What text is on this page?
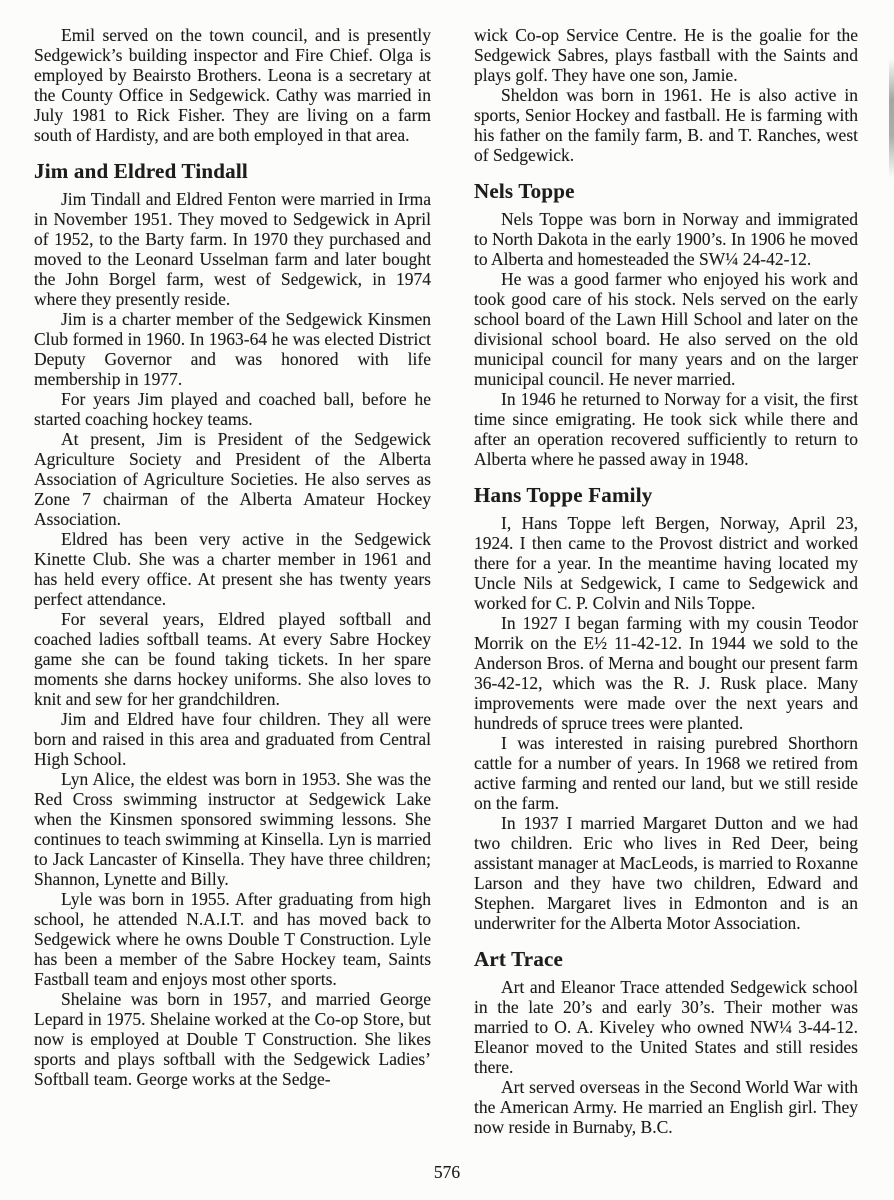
Emil served on the town council, and is presently Sedgewick’s building inspector and Fire Chief. Olga is employed by Beairsto Brothers. Leona is a secretary at the County Office in Sedgewick. Cathy was married in July 1981 to Rick Fisher. They are living on a farm south of Hardisty, and are both employed in that area.

Jim and Eldred Tindall

Jim Tindall and Eldred Fenton were married in Irma in November 1951. They moved to Sedgewick in April of 1952, to the Barty farm. In 1970 they purchased and moved to the Leonard Usselman farm and later bought the John Borgel farm, west of Sedgewick, in 1974 where they presently reside.

Jim is a charter member of the Sedgewick Kinsmen Club formed in 1960. In 1963-64 he was elected District Deputy Governor and was honored with life membership in 1977.

For years Jim played and coached ball, before he started coaching hockey teams.

At present, Jim is President of the Sedgewick Agriculture Society and President of the Alberta Association of Agriculture Societies. He also serves as Zone 7 chairman of the Alberta Amateur Hockey Association.

Eldred has been very active in the Sedgewick Kinette Club. She was a charter member in 1961 and has held every office. At present she has twenty years perfect attendance.

For several years, Eldred played softball and coached ladies softball teams. At every Sabre Hockey game she can be found taking tickets. In her spare moments she darns hockey uniforms. She also loves to knit and sew for her grandchildren.

Jim and Eldred have four children. They all were born and raised in this area and graduated from Central High School.

Lyn Alice, the eldest was born in 1953. She was the Red Cross swimming instructor at Sedgewick Lake when the Kinsmen sponsored swimming lessons. She continues to teach swimming at Kinsella. Lyn is married to Jack Lancaster of Kinsella. They have three children; Shannon, Lynette and Billy.

Lyle was born in 1955. After graduating from high school, he attended N.A.I.T. and has moved back to Sedgewick where he owns Double T Construction. Lyle has been a member of the Sabre Hockey team, Saints Fastball team and enjoys most other sports.

Shelaine was born in 1957, and married George Lepard in 1975. Shelaine worked at the Co-op Store, but now is employed at Double T Construction. She likes sports and plays softball with the Sedgewick Ladies’ Softball team. George works at the Sedge-

wick Co-op Service Centre. He is the goalie for the Sedgewick Sabres, plays fastball with the Saints and plays golf. They have one son, Jamie.

Sheldon was born in 1961. He is also active in sports, Senior Hockey and fastball. He is farming with his father on the family farm, B. and T. Ranches, west of Sedgewick.

Nels Toppe

Nels Toppe was born in Norway and immigrated to North Dakota in the early 1900’s. In 1906 he moved to Alberta and homesteaded the SW¼ 24-42-12.

He was a good farmer who enjoyed his work and took good care of his stock. Nels served on the early school board of the Lawn Hill School and later on the divisional school board. He also served on the old municipal council for many years and on the larger municipal council. He never married.

In 1946 he returned to Norway for a visit, the first time since emigrating. He took sick while there and after an operation recovered sufficiently to return to Alberta where he passed away in 1948.

Hans Toppe Family

I, Hans Toppe left Bergen, Norway, April 23, 1924. I then came to the Provost district and worked there for a year. In the meantime having located my Uncle Nils at Sedgewick, I came to Sedgewick and worked for C. P. Colvin and Nils Toppe.

In 1927 I began farming with my cousin Teodor Morrik on the E½ 11-42-12. In 1944 we sold to the Anderson Bros. of Merna and bought our present farm 36-42-12, which was the R. J. Rusk place. Many improvements were made over the next years and hundreds of spruce trees were planted.

I was interested in raising purebred Shorthorn cattle for a number of years. In 1968 we retired from active farming and rented our land, but we still reside on the farm.

In 1937 I married Margaret Dutton and we had two children. Eric who lives in Red Deer, being assistant manager at MacLeods, is married to Roxanne Larson and they have two children, Edward and Stephen. Margaret lives in Edmonton and is an underwriter for the Alberta Motor Association.

Art Trace

Art and Eleanor Trace attended Sedgewick school in the late 20’s and early 30’s. Their mother was married to O. A. Kiveley who owned NW¼ 3-44-12. Eleanor moved to the United States and still resides there.

Art served overseas in the Second World War with the American Army. He married an English girl. They now reside in Burnaby, B.C.

576
